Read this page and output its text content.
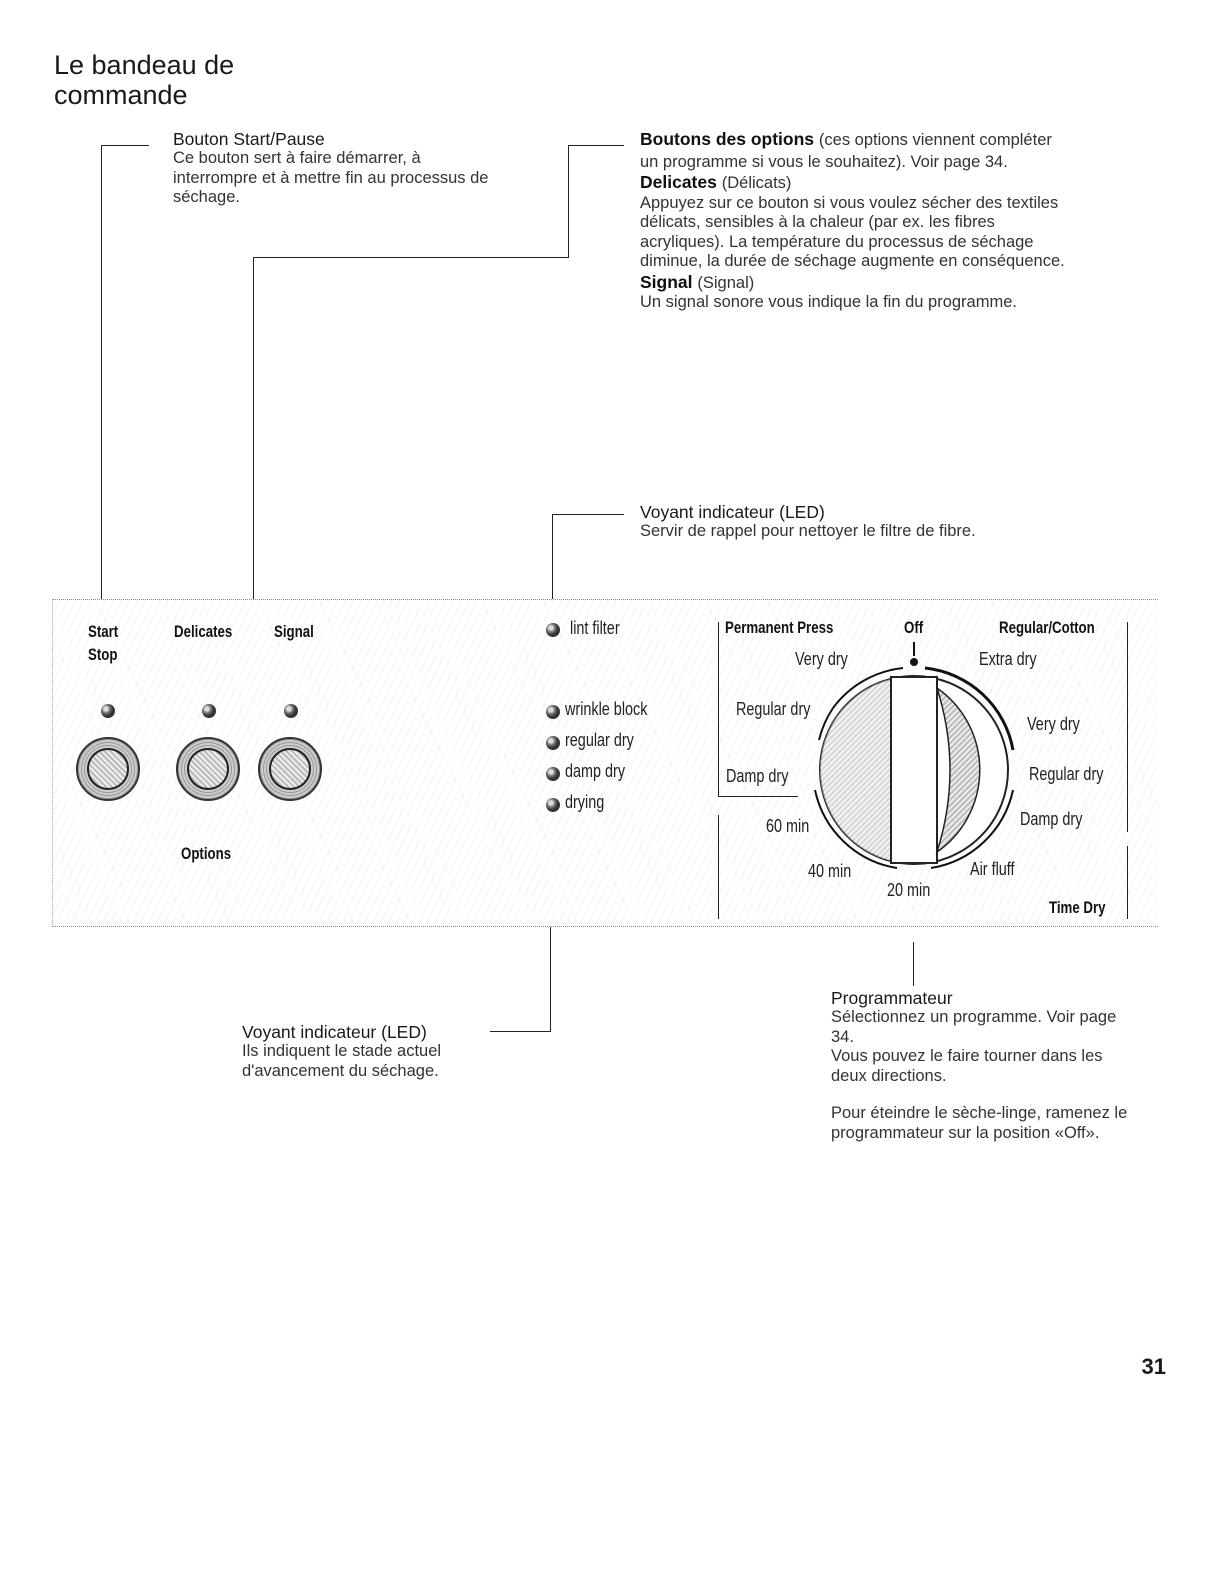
Le bandeau de commande
Bouton Start/Pause
Ce bouton sert à faire démarrer, à interrompre et à mettre fin au processus de séchage.
Boutons des options (ces options viennent compléter un programme si vous le souhaitez). Voir page 34.
Delicates (Délicats)
Appuyez sur ce bouton si vous voulez sécher des textiles délicats, sensibles à la chaleur (par ex. les fibres acryliques). La température du processus de séchage diminue, la durée de séchage augmente en conséquence.
Signal (Signal)
Un signal sonore vous indique la fin du programme.
Voyant indicateur (LED)
Servir de rappel pour nettoyer le filtre de fibre.
Start
Stop
Delicates Signal
Options
lint filter
wrinkle block
regular dry
damp dry
drying
Permanent Press	Off	Regular/Cotton
Time Dry
Very dry
Regular dry
Damp dry
60 min
40 min
Extra dry
Very dry
Regular dry
Damp dry
Air fluff
20 min
Voyant indicateur (LED)
Ils indiquent le stade actuel d'avancement du séchage.
Programmateur
Sélectionnez un programme. Voir page 34.
Vous pouvez le faire tourner dans les deux directions.
Pour éteindre le sèche-linge, ramenez le programmateur sur la position «Off».
31
